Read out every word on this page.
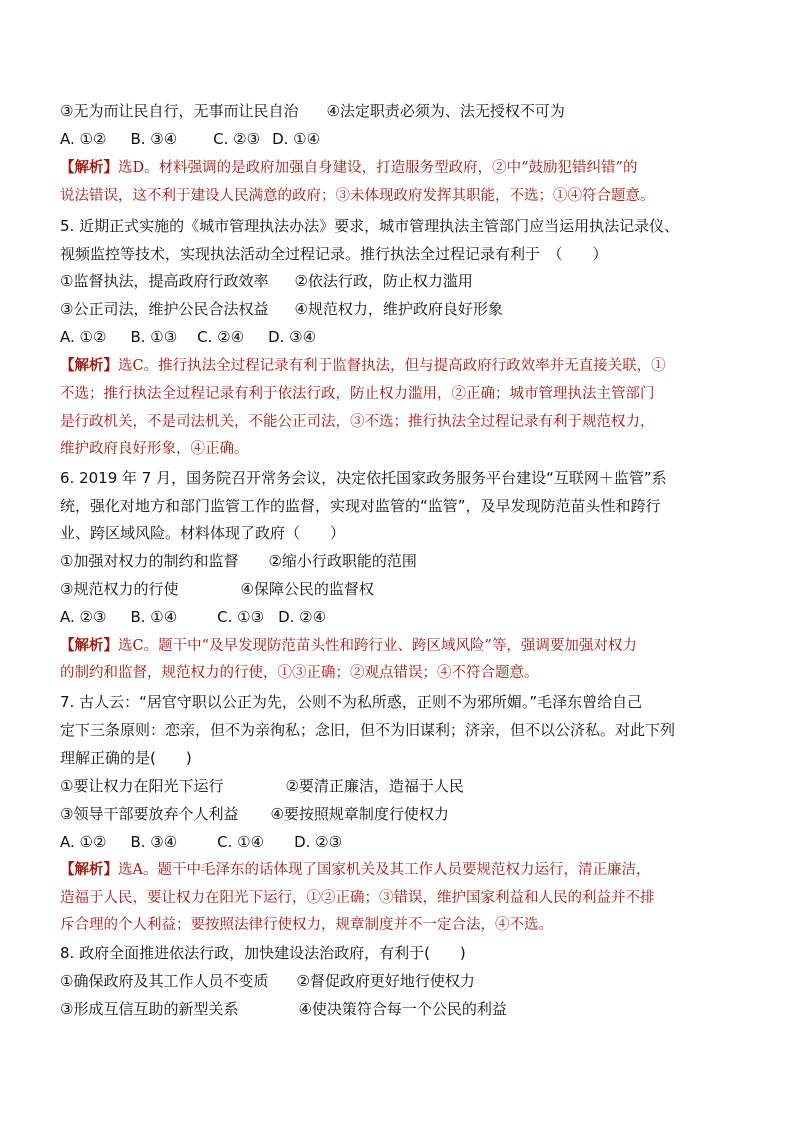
③无为而让民自行，无事而让民自治 ④法定职责必须为、法无授权不可为
A. ①② B. ③④ C. ②③ D. ①④
【解析】选D。材料强调的是政府加强自身建设，打造服务型政府，②中“鼓励犯错纠错”的
说法错误，这不利于建设人民满意的政府；③未体现政府发挥其职能，不选；①④符合题意。
5. 近期正式实施的《城市管理执法办法》要求，城市管理执法主管部门应当运用执法记录仪、
视频监控等技术，实现执法活动全过程记录。推行执法全过程记录有利于　（　　）
①监督执法，提高政府行政效率 ②依法行政，防止权力滥用
③公正司法，维护公民合法权益 ④规范权力，维护政府良好形象
A. ①② B. ①③ C. ②④ D. ③④
【解析】选C。推行执法全过程记录有利于监督执法，但与提高政府行政效率并无直接关联，①
不选；推行执法全过程记录有利于依法行政，防止权力滥用，②正确；城市管理执法主管部门
是行政机关，不是司法机关，不能公正司法，③不选；推行执法全过程记录有利于规范权力，
维护政府良好形象，④正确。
6. 2019 年 7 月，国务院召开常务会议，决定依托国家政务服务平台建设“互联网＋监管”系
统，强化对地方和部门监管工作的监督，实现对监管的“监管”，及早发现防范苗头性和跨行
业、跨区域风险。材料体现了政府（　　）
①加强对权力的制约和监督 ②缩小行政职能的范围
③规范权力的行使	④保障公民的监督权
A. ②③ B. ①④	C. ①③ D. ②④
【解析】选C。题干中“及早发现防范苗头性和跨行业、跨区域风险”等，强调要加强对权力
的制约和监督，规范权力的行使，①③正确；②观点错误；④不符合题意。
7. 古人云：“居官守职以公正为先，公则不为私所惑，正则不为邪所媚。”毛泽东曾给自己
定下三条原则：恋亲，但不为亲徇私；念旧，但不为旧谋利；济亲，但不以公济私。对此下列
理解正确的是(　　)
①要让权力在阳光下运行	②要清正廉洁，造福于人民
③领导干部要放弃个人利益 ④要按照规章制度行使权力
A. ①② B. ③④	C. ①④ D. ②③
【解析】选A。题干中毛泽东的话体现了国家机关及其工作人员要规范权力运行，清正廉洁，
造福于人民，要让权力在阳光下运行，①②正确；③错误，维护国家利益和人民的利益并不排
斥合理的个人利益；要按照法律行使权力，规章制度并不一定合法，④不选。
8. 政府全面推进依法行政，加快建设法治政府，有利于(　　)
①确保政府及其工作人员不变质 ②督促政府更好地行使权力
③形成互信互助的新型关系	④使决策符合每一个公民的利益
